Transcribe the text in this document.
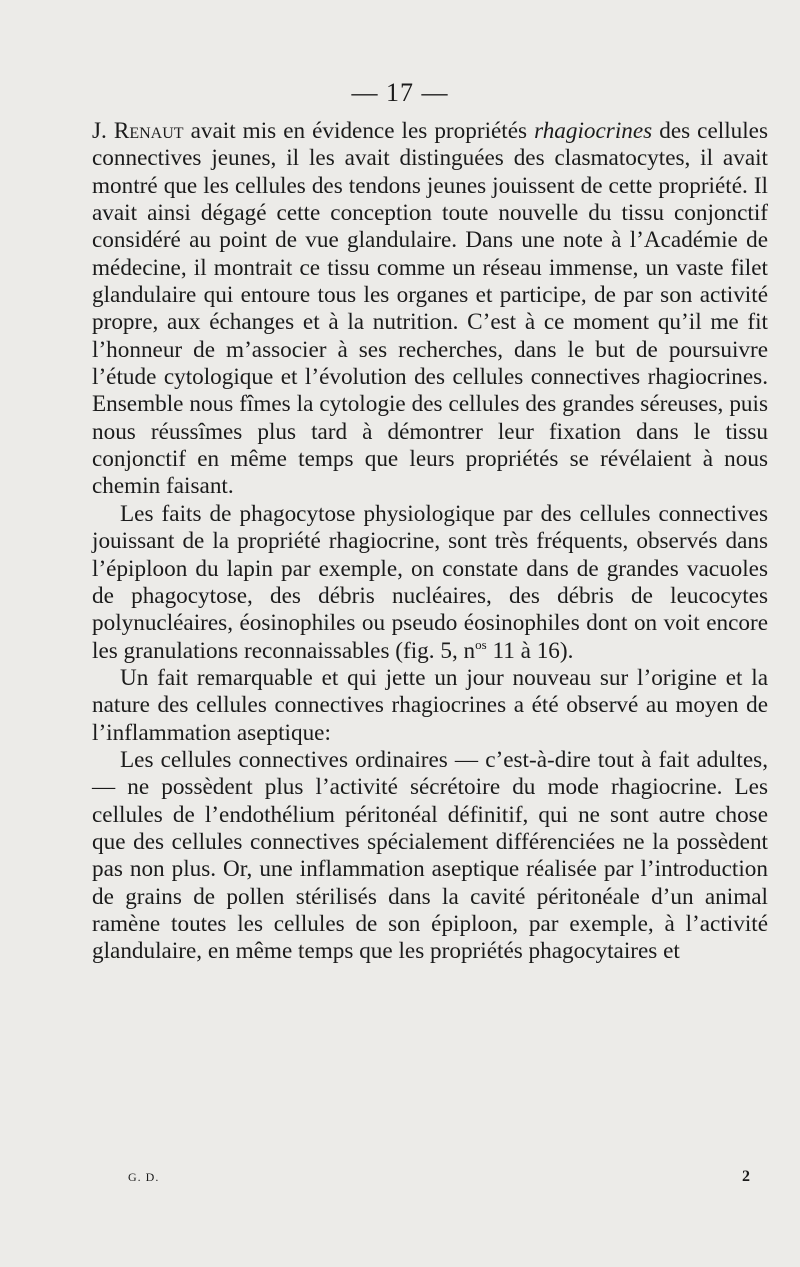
— 17 —

J. Renaut avait mis en évidence les propriétés rhagiocrines des cellules connectives jeunes, il les avait distinguées des clasmatocytes, il avait montré que les cellules des tendons jeunes jouissent de cette propriété. Il avait ainsi dégagé cette conception toute nouvelle du tissu conjonctif considéré au point de vue glandulaire. Dans une note à l’Académie de médecine, il montrait ce tissu comme un réseau immense, un vaste filet glandulaire qui entoure tous les organes et participe, de par son activité propre, aux échanges et à la nutrition. C’est à ce moment qu’il me fit l’honneur de m’associer à ses recherches, dans le but de poursuivre l’étude cytologique et l’évolution des cellules connectives rhagiocrines. Ensemble nous fîmes la cytologie des cellules des grandes séreuses, puis nous réussîmes plus tard à démontrer leur fixation dans le tissu conjonctif en même temps que leurs propriétés se révélaient à nous chemin faisant.

Les faits de phagocytose physiologique par des cellules connectives jouissant de la propriété rhagiocrine, sont très fréquents, observés dans l’épiploon du lapin par exemple, on constate dans de grandes vacuoles de phagocytose, des débris nucléaires, des débris de leucocytes polynucléaires, éosinophiles ou pseudo éosinophiles dont on voit encore les granulations reconnaissables (fig. 5, $n^{os}$ 11 à 16).

Un fait remarquable et qui jette un jour nouveau sur l’origine et la nature des cellules connectives rhagiocrines a été observé au moyen de l’inflammation aseptique:

Les cellules connectives ordinaires — c’est-à-dire tout à fait adultes, — ne possèdent plus l’activité sécrétoire du mode rhagiocrine. Les cellules de l’endothélium péritonéal définitif, qui ne sont autre chose que des cellules connectives spécialement différenciées ne la possèdent pas non plus. Or, une inflammation aseptique réalisée par l’introduction de grains de pollen stérilisés dans la cavité péritonéale d’un animal ramène toutes les cellules de son épiploon, par exemple, à l’activité glandulaire, en même temps que les propriétés phagocytaires et

G. D.	2
